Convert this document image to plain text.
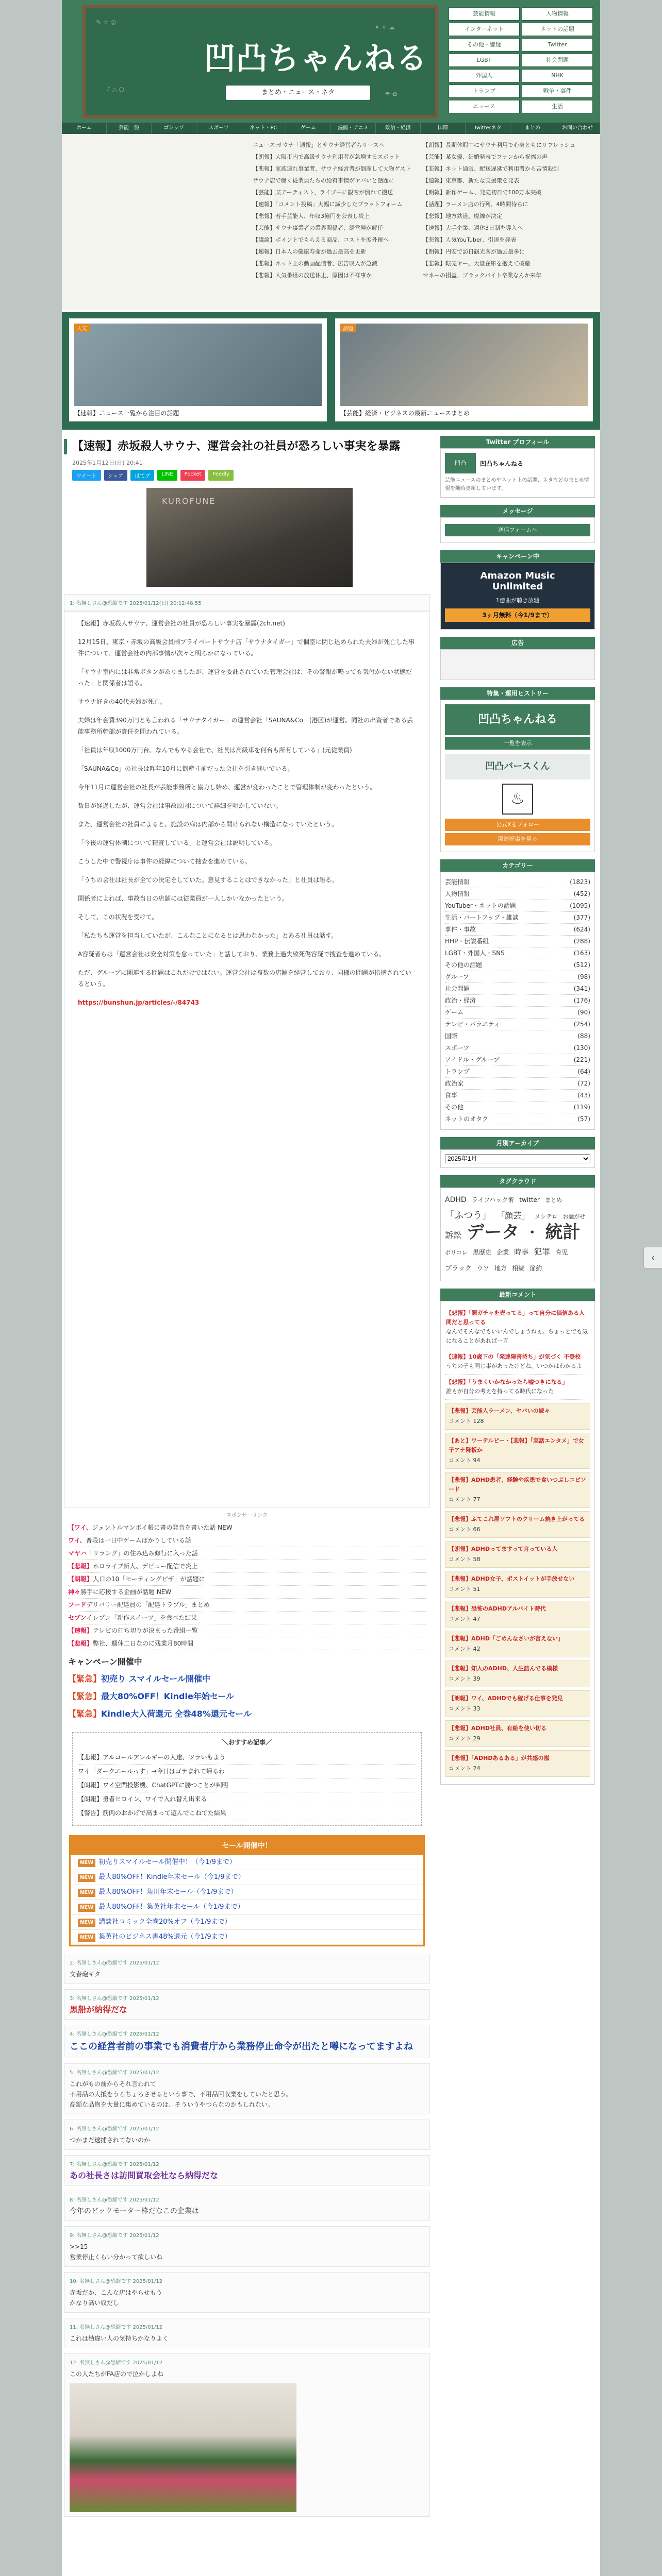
✎ ☆ ◎
♪ △ ○
✦ ✧ ☁
☂ ✿
凹凸ちゃんねる
まとめ・ニュース・ネタ
芸能情報	人物情報
インターネット	ネットの話題
その他・嫌疑	Twitter
LGBT	社会問題
外国人	NHK
トランプ	戦争・事件
ニュース	生活
ホーム	芸能一般	ゴシップ	スポーツ	ネット・PC	ゲーム	漫画・アニメ	政治・経済	国際	Twitterネタ	まとめ	お問い合わせ
ニュース:サウナ「通報」とサウナ経営者らリースへ
【朗報】大阪市内で高級サウナ利用者が急増するスポット
【悲報】家族連れ事業者、サウナ経営者が倒産して大物ゲスト
サウナ店で働く従業員たちの給料事情がヤバいと話題に
【芸能】某アーティスト、ライブ中に観客が倒れて搬送
【速報】「コメント投稿」大幅に減少したプラットフォーム
【悲報】若手芸能人、年収3億円を公表し炎上
【芸能】サウナ事業者の業界関係者、経営陣が解任
【議論】ポイントでもらえる商品、コストを度外視へ
【速報】日本人の健康寿命が過去最高を更新
【悲報】ネット上の動画配信者、広告収入が急減
【悲報】人気番組の放送休止、原因は不祥事か
【朗報】長期休暇中にサウナ利用で心身ともにリフレッシュ
【芸能】某女優、結婚発表でファンから祝福の声
【悲報】ネット通販、配送遅延で利用者から苦情殺到
【速報】東京都、新たな支援策を発表
【朗報】新作ゲーム、発売初日で100万本突破
【話題】ラーメン店の行列、4時間待ちに
【悲報】地方鉄道、廃線が決定
【速報】大手企業、週休3日制を導入へ
【悲報】人気YouTuber、引退を発表
【朗報】円安で訪日観光客が過去最多に
【悲報】転売ヤー、大量在庫を抱えて破産
マネーの損益、ブラックバイト卒業なんか来年
人気
【速報】ニュース一覧から注目の話題
話題
【芸能】経済・ビジネスの最新ニュースまとめ
【速報】赤坂殺人サウナ、運営会社の社員が恐ろしい事実を暴露
2025年1月12日(日) 20:41
ツイート	シェア	はてブ	LINE	Pocket	Feedly
KUROFUNE
1: 名無しさん@恐縮です 2025/01/12(日) 20:12:48.55

【速報】赤坂殺人サウナ、運営会社の社員が恐ろしい事実を暴露(2ch.net)

12月15日、東京・赤坂の高級会員制プライベートサウナ店「サウナタイガー」で個室に閉じ込められた夫婦が死亡した事件について、運営会社の内部事情が次々と明らかになっている。

「サウナ室内には非常ボタンがありましたが、運営を委託されていた管理会社は、その警報が鳴っても気付かない状態だった」と関係者は語る。

サウナ好きの40代夫婦が死亡。

夫婦は年会費390万円とも言われる「サウナタイガー」の運営会社「SAUNA&Co」(港区)が運営。同社の出資者である芸能事務所幹部が責任を問われている。

「社員は年収1000万円台。なんでもやる会社で、社長は高級車を何台も所有している」(元従業員)

「SAUNA&Co」の社長は昨年10月に倒産寸前だった会社を引き継いでいる。

今年11月に運営会社の社長が芸能事務所と協力し始め、運営が変わったことで管理体制が変わったという。

数日が経過したが、運営会社は事故原因について詳細を明かしていない。

また、運営会社の社員によると、施設の扉は内部から開けられない構造になっていたという。

「今後の運営体制について精査している」と運営会社は説明している。

こうした中で警視庁は事件の経緯について捜査を進めている。

「うちの会社は社長が全ての決定をしていた。意見することはできなかった」と社員は語る。

関係者によれば、事故当日の店舗には従業員が一人しかいなかったという。

そして、この状況を受けて。

「私たちも運営を担当していたが、こんなことになるとは思わなかった」とある社員は話す。

A容疑者らは「運営会社は安全対策を怠っていた」と話しており、業務上過失致死傷容疑で捜査を進めている。

ただ、グループに関連する問題はこれだけではない。運営会社は複数の店舗を経営しており、同様の問題が指摘されているという。

https://bunshun.jp/articles/-/84743

スポンサーリンク
【ワイ、ジェントルマンポイ帳に書の発音を書いた話 NEW
ワイ、普段は一日中ゲームばかりしている話
マヤハ「リラング」の住み込み修行に入った話
【悲報】ホロライブ新人、デビュー配信で炎上
【朗報】人口の10「セーティングピザ」が話題に
神々勝手に応援する企画が話題 NEW
フードデリバリー配達員の「配達トラブル」まとめ
セブンイレブン「新作スイーツ」を食べた結果
【速報】テレビの打ち切りが決まった番組一覧
【悲報】弊社、週休二日なのに残業月80時間
キャンペーン開催中
【緊急】初売り スマイルセール開催中
【緊急】最大80%OFF！Kindle年始セール
【緊急】Kindle大入荷還元 全巻48%還元セール
＼おすすめ記事／
【悲報】アルコールアレルギーの人達、ツラいもよう
ワイ「ダークエールっす」→今日はゴテまれて帰るわ
【朗報】ワイ空間投影機、ChatGPTに勝つことが判明
【朗報】勇者ヒロイン、ワイで入れ替え出来る
【警告】筋肉のおかげで高まって遊んでこねてた結果
セール開催中！
NEW 初売りスマイルセール開催中！（今1/9まで）
NEW 最大80%OFF！Kindle年末セール（今1/9まで）
NEW 最大80%OFF！角川年末セール（今1/9まで）
NEW 最大80%OFF！集英社年末セール（今1/9まで）
NEW 講談社コミック全巻20%オフ（今1/9まで）
NEW 集英社のビジネス書48%還元（今1/9まで）
2: 名無しさん@恐縮です 2025/01/12
文春砲キタ
3: 名無しさん@恐縮です 2025/01/12
黒船が納得だな
4: 名無しさん@恐縮です 2025/01/12
ここの経営者前の事業でも消費者庁から業務停止命令が出たと噂になってますよね
5: 名無しさん@恐縮です 2025/01/12
これがもの前からそれ言われて
不用品の大抵をうろちょろさせるという事で、不用品回収業をしていたと思う。
高額な品物を大量に集めているのは、そういうやつらなのかもしれない。
6: 名無しさん@恐縮です 2025/01/12
つかまだ逮捕されてないのか
7: 名無しさん@恐縮です 2025/01/12
あの社長さは訪問買取会社なら納得だな
8: 名無しさん@恐縮です 2025/01/12
今年のビックモーター枠だなこの企業は
9: 名無しさん@恐縮です 2025/01/12
>>15
営業停止くらい分かって欲しいね
10: 名無しさん@恐縮です 2025/01/12
赤坂だか、こんな店はやらせもう
かなり高い奴だし
11: 名無しさん@恐縮です 2025/01/12
これは勘違い人の気持ちかなりよく
12: 名無しさん@恐縮です 2025/01/12
この人たちがFA店ので泣かしよね
Twitter プロフィール
凹凸	凹凸ちゃんねる
芸能ニュースのまとめやネット上の話題、ネタなどのまとめ情報を随時更新しています。
メッセージ
送信フォームへ
キャンペーン中
Amazon Music
Unlimited
1億曲が聴き放題
3ヶ月無料（今1/9まで）
広告
特集・運用ヒストリー
凹凸ちゃんねる
一覧を表示
凹凸バースくん
♨
公式Xをフォロー
関連記事を見る
カテゴリー
芸能情報	(1823)
人物情報	(452)
YouTuber・ネットの話題	(1095)
生活・パートアップ・雑談	(377)
事件・事故	(624)
HHP・伝説番組	(288)
LGBT・外国人・SNS	(163)
その他の話題	(512)
グループ	(98)
社会問題	(341)
政治・経済	(176)
ゲーム	(90)
テレビ・バラエティ	(254)
国際	(88)
スポーツ	(130)
アイドル・グループ	(221)
トランプ	(64)
政治家	(72)
食事	(43)
その他	(119)
ネットのオタク	(57)
月別アーカイブ
2025年1月
タグクラウド
ADHD ライフハック術 twitter まとめ 「ふつう」 「顔芸」 メシテロ お騒がせ 訴訟 データ ・ 統計 ポリコレ 黒歴史 企業 時事 犯罪 育児 ブラック ウソ 地方 相続 節約
最新コメント
【悲報】「闇ガチャを売ってる」って自分に価値ある人間だと思ってる
なんでそんなでもいいんでしょうねぇ。ちょっとでも気になることがあれば一言
【速報】10歳下の「発達障害持ち」が気づく 不登校
うちの子も同じ事があったけどね、いつかはわかるよ
【悲報】「うまくいかなかったら嘘つきになる」
誰もが自分の考えを持ってる時代になった
【悲報】芸能人ラーメン、ヤバいの続々
コメント 128
【あと】ワーテルビー・【悲報】「実話エンタメ」で女子アナ降板か
コメント 94
【悲報】ADHD患者、経験や疾患で食いつぶしエピソード
コメント 77
【悲報】ふてこれ屋ソフトのクリーム焼き上がってる
コメント 66
【朗報】ADHDってますって言っている人
コメント 58
【悲報】ADHD女子、ポストイットが手放せない
コメント 51
【悲報】恐怖のADHDアルバイト時代
コメント 47
【悲報】ADHD「ごめんなさいが言えない」
コメント 42
【悲報】知人のADHD、人生詰んでる模様
コメント 39
【朗報】ワイ、ADHDでも稼げる仕事を発見
コメント 33
【悲報】ADHD社員、有給を使い切る
コメント 29
【悲報】「ADHDあるある」が共感の嵐
コメント 24
‹
